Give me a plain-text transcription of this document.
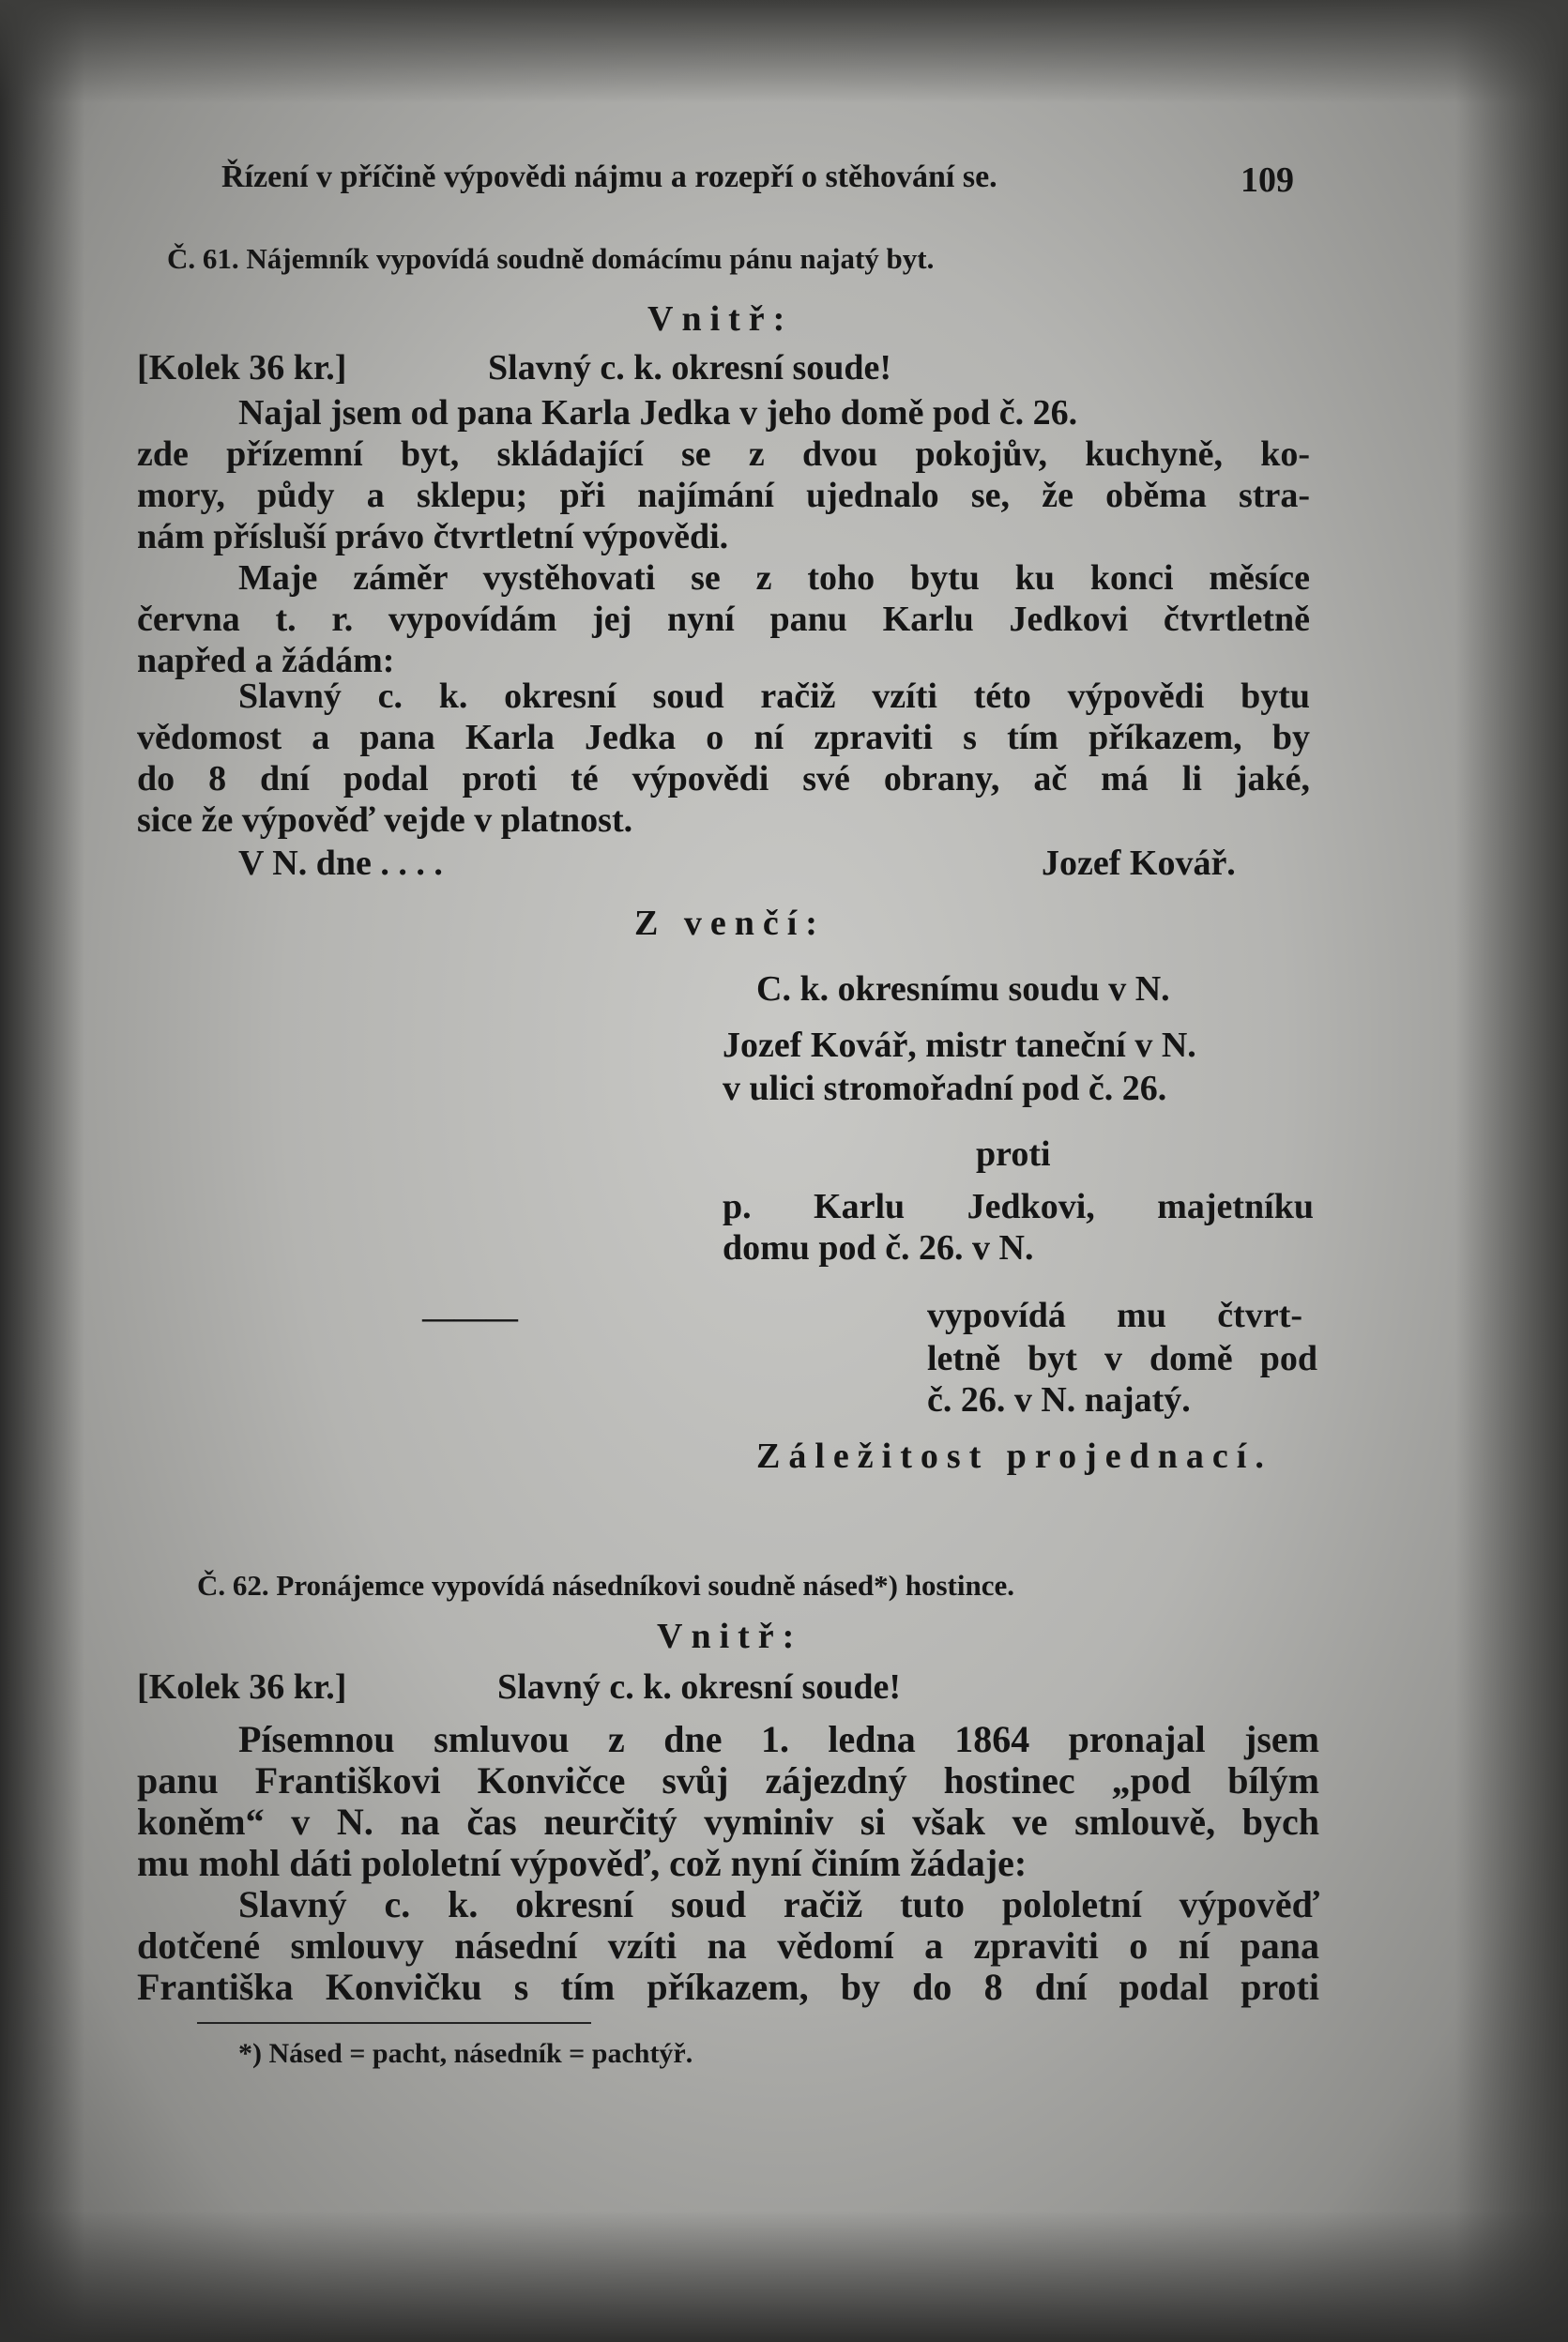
Řízení v příčině výpovědi nájmu a rozepří o stěhování se.	109
Č. 61. Nájemník vypovídá soudně domácímu pánu najatý byt.
Vnitř:
[Kolek 36 kr.]	Slavný c. k. okresní soude!
Najal jsem od pana Karla Jedka v jeho domě pod č. 26.
zde přízemní byt, skládající se z dvou pokojův, kuchyně, ko-
mory, půdy a sklepu; při najímání ujednalo se, že oběma stra-
nám přísluší právo čtvrtletní výpovědi.
Maje záměr vystěhovati se z toho bytu ku konci měsíce
června t. r. vypovídám jej nyní panu Karlu Jedkovi čtvrtletně
napřed a žádám:
Slavný c. k. okresní soud račiž vzíti této výpovědi bytu
vědomost a pana Karla Jedka o ní zpraviti s tím příkazem, by
do 8 dní podal proti té výpovědi své obrany, ač má li jaké,
sice že výpověď vejde v platnost.
V N. dne . . . .	Jozef Kovář.
Z venčí:
C. k. okresnímu soudu v N.
Jozef Kovář, mistr taneční v N.
v ulici stromořadní pod č. 26.
proti
p. Karlu Jedkovi, majetníku
domu pod č. 26. v N.
———	vypovídá mu čtvrt-
letně byt v domě pod
č. 26. v N. najatý.
Záležitost projednací.
Č. 62. Pronájemce vypovídá násedníkovi soudně násed*) hostince.
Vnitř:
[Kolek 36 kr.]	Slavný c. k. okresní soude!
Písemnou smluvou z dne 1. ledna 1864 pronajal jsem
panu Františkovi Konvičce svůj zájezdný hostinec „pod bílým
koněm“ v N. na čas neurčitý vyminiv si však ve smlouvě, bych
mu mohl dáti pololetní výpověď, což nyní činím žádaje:
Slavný c. k. okresní soud račiž tuto pololetní výpověď
dotčené smlouvy násední vzíti na vědomí a zpraviti o ní pana
Františka Konvičku s tím příkazem, by do 8 dní podal proti
*) Násed = pacht, násedník = pachtýř.
